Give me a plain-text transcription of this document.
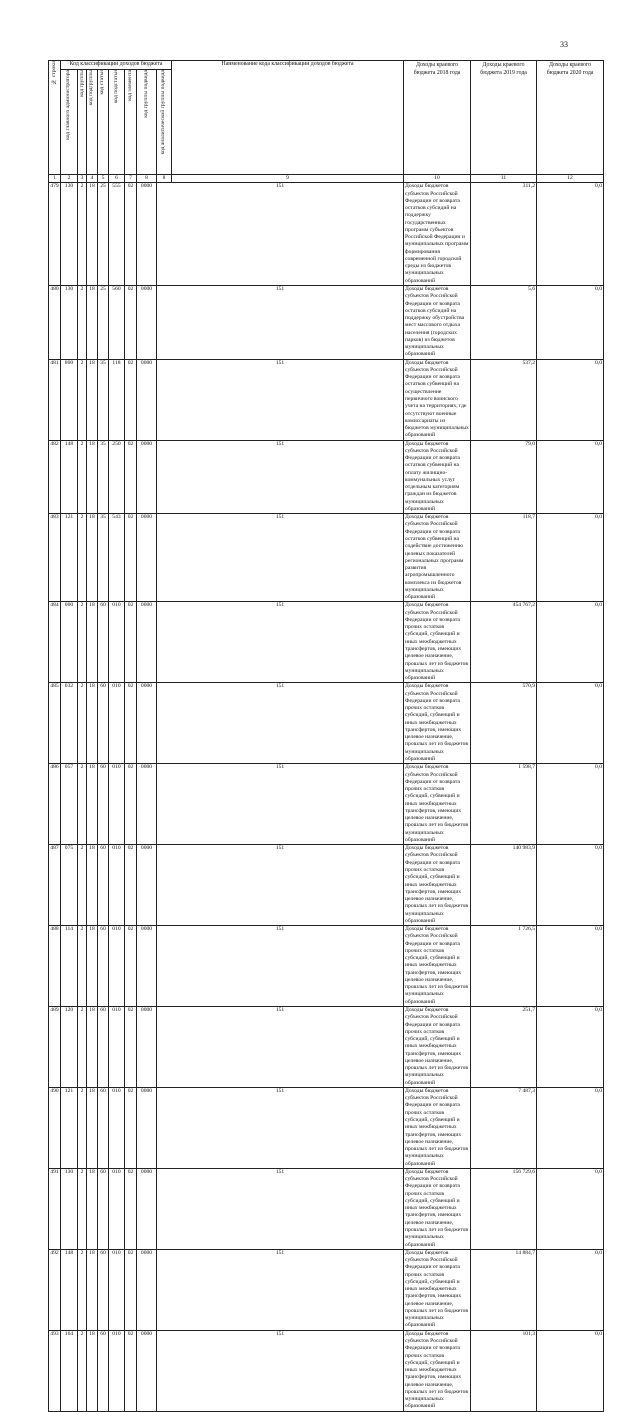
33
№ строки	Код классификации доходов бюджета								Наименование кода классификации доходов бюджета	Доходы краевого бюджета 2018 года	Доходы краевого бюджета 2019 года	Доходы краевого бюджета 2020 года	

	код главного администратора	код группы	код подгруппы	код статьи	код подстатьи	код элемента	код группы подвида	код аналитической группы подвида					

1	2	3	4	5	6	7	8	8	9	10	11	12	
479	130	2	18	25	555	02	0000	151		Доходы бюджетов субъектов Российской Федерации от возврата остатков субсидий на поддержку государственных программ субъектов Российской Федерации и муниципальных программ формирования современной городской среды из бюджетов муниципальных образований	311,2	0,0	
480	130	2	18	25	560	02	0000	151		Доходы бюджетов субъектов Российской Федерации от возврата остатков субсидий на поддержку обустройства мест массового отдыха населения (городских парков) из бюджетов муниципальных образований	5,6	0,0	
481	800	2	18	35	118	02	0000	151		Доходы бюджетов субъектов Российской Федерации от возврата остатков субвенций на осуществление первичного воинского учета на территориях, где отсутствуют военные комиссариаты из бюджетов муниципальных образований	537,2	0,0	
482	148	2	18	35	250	02	0000	151		Доходы бюджетов субъектов Российской Федерации от возврата остатков субвенций на оплату жилищно-коммунальных услуг отдельным категориям граждан из бюджетов муниципальных образований	79,0	0,0	
483	121	2	18	35	543	02	0000	151		Доходы бюджетов субъектов Российской Федерации от возврата остатков субвенций на содействие достижению целевых показателей региональных программ развития агропромышленного комплекса из бюджетов муниципальных образований	118,7	0,0	
484	000	2	18	60	010	02	0000	151		Доходы бюджетов субъектов Российской Федерации от возврата прочих остатков субсидий, субвенций и иных межбюджетных трансфертов, имеющих целевое назначение, прошлых лет из бюджетов муниципальных образований	454 767,2	0,0	
485	032	2	18	60	010	02	0000	151		Доходы бюджетов субъектов Российской Федерации от возврата прочих остатков субсидий, субвенций и иных межбюджетных трансфертов, имеющих целевое назначение, прошлых лет из бюджетов муниципальных образований	570,9	0,0	
486	057	2	18	60	010	02	0000	151		Доходы бюджетов субъектов Российской Федерации от возврата прочих остатков субсидий, субвенций и иных межбюджетных трансфертов, имеющих целевое назначение, прошлых лет из бюджетов муниципальных образований	1 598,7	0,0	
487	075	2	18	60	010	02	0000	151		Доходы бюджетов субъектов Российской Федерации от возврата прочих остатков субсидий, субвенций и иных межбюджетных трансфертов, имеющих целевое назначение, прошлых лет из бюджетов муниципальных образований	140 983,9	0,0	
488	114	2	18	60	010	02	0000	151		Доходы бюджетов субъектов Российской Федерации от возврата прочих остатков субсидий, субвенций и иных межбюджетных трансфертов, имеющих целевое назначение, прошлых лет из бюджетов муниципальных образований	1 726,5	0,0	
489	120	2	18	60	010	02	0000	151		Доходы бюджетов субъектов Российской Федерации от возврата прочих остатков субсидий, субвенций и иных межбюджетных трансфертов, имеющих целевое назначение, прошлых лет из бюджетов муниципальных образований	251,7	0,0	
490	121	2	18	60	010	02	0000	151		Доходы бюджетов субъектов Российской Федерации от возврата прочих остатков субсидий, субвенций и иных межбюджетных трансфертов, имеющих целевое назначение, прошлых лет из бюджетов муниципальных образований	7 487,3	0,0	
491	130	2	18	60	010	02	0000	151		Доходы бюджетов субъектов Российской Федерации от возврата прочих остатков субсидий, субвенций и иных межбюджетных трансфертов, имеющих целевое назначение, прошлых лет из бюджетов муниципальных образований	156 729,6	0,0	
492	148	2	18	60	010	02	0000	151		Доходы бюджетов субъектов Российской Федерации от возврата прочих остатков субсидий, субвенций и иных межбюджетных трансфертов, имеющих целевое назначение, прошлых лет из бюджетов муниципальных образований	14 884,7	0,0	
493	164	2	18	60	010	02	0000	151		Доходы бюджетов субъектов Российской Федерации от возврата прочих остатков субсидий, субвенций и иных межбюджетных трансфертов, имеющих целевое назначение, прошлых лет из бюджетов муниципальных образований	101,3	0,0	
